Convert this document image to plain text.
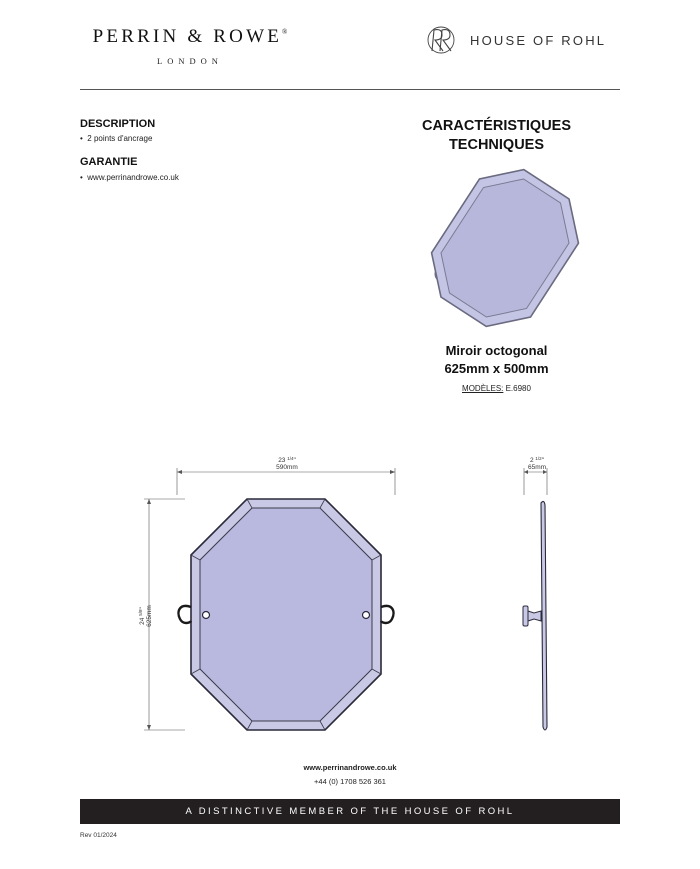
PERRIN & ROWE®
LONDON
HOUSE OF ROHL
DESCRIPTION
• 2 points d'ancrage
GARANTIE
• www.perrinandrowe.co.uk
CARACTÉRISTIQUES
TECHNIQUES
Miroir octogonal
625mm x 500mm
MODÈLES: E.6980
23 $^{1/4}$"
590mm
24 $^{5/8}$" 625mm
2 $^{1/2}$"
65mm
www.perrinandrowe.co.uk
+44 (0) 1708 526 361
A DISTINCTIVE MEMBER OF THE HOUSE OF ROHL
Rev 01/2024
